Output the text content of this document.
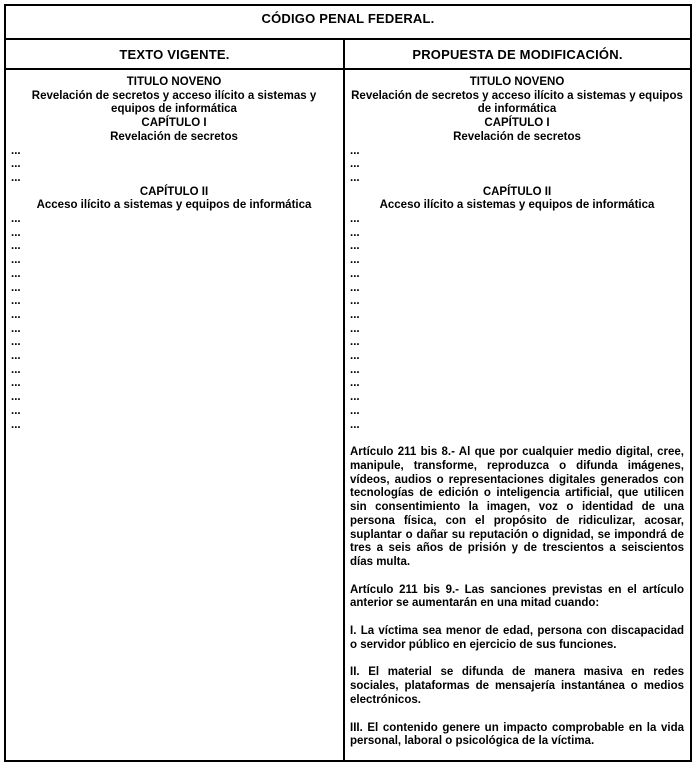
CÓDIGO PENAL FEDERAL.
TEXTO VIGENTE.	PROPUESTA DE MODIFICACIÓN.
TITULO NOVENO
Revelación de secretos y acceso ilícito a sistemas y equipos de informática
CAPÍTULO I
Revelación de secretos
...
...
...
CAPÍTULO II
Acceso ilícito a sistemas y equipos de informática
...
...
...
...
...
...
...
...
...
...
...
...
...
...
...
...
TITULO NOVENO
Revelación de secretos y acceso ilícito a sistemas y equipos de informática
CAPÍTULO I
Revelación de secretos
...
...
...
CAPÍTULO II
Acceso ilícito a sistemas y equipos de informática
...
...
...
...
...
...
...
...
...
...
...
...
...
...
...
...
Artículo 211 bis 8.- Al que por cualquier medio digital, cree, manipule, transforme, reproduzca o difunda imágenes, vídeos, audios o representaciones digitales generados con tecnologías de edición o inteligencia artificial, que utilicen sin consentimiento la imagen, voz o identidad de una persona física, con el propósito de ridiculizar, acosar, suplantar o dañar su reputación o dignidad, se impondrá de tres a seis años de prisión y de trescientos a seiscientos días multa.
Artículo 211 bis 9.- Las sanciones previstas en el artículo anterior se aumentarán en una mitad cuando:
I. La víctima sea menor de edad, persona con discapacidad o servidor público en ejercicio de sus funciones.
II. El material se difunda de manera masiva en redes sociales, plataformas de mensajería instantánea o medios electrónicos.
III. El contenido genere un impacto comprobable en la vida personal, laboral o psicológica de la víctima.
